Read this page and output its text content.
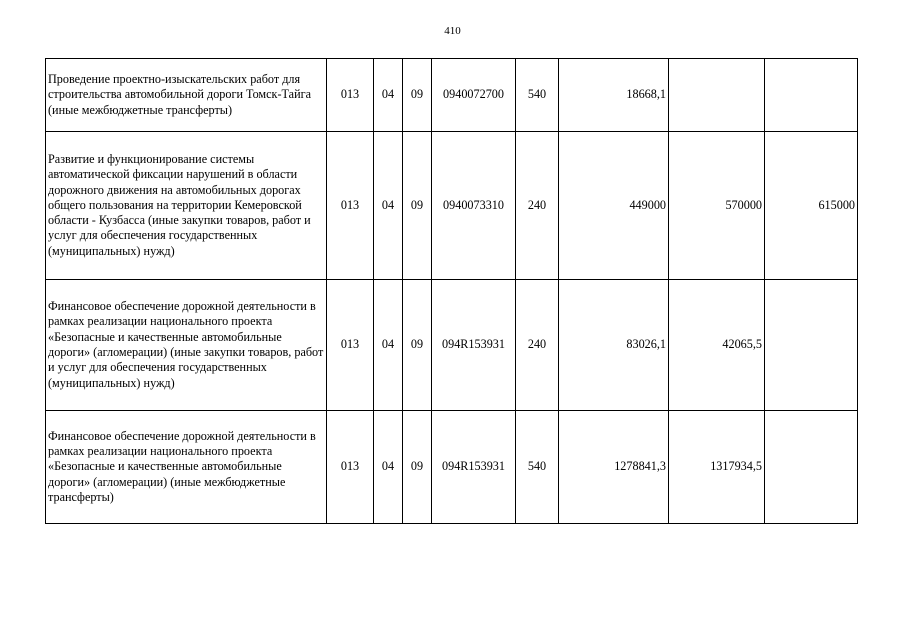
410
Проведение проектно-изыскательских работ для строительства автомобильной дороги Томск-Тайга (иные межбюджетные трансферты)	013	04	09	0940072700	540	18668,1		
Развитие и функционирование системы автоматической фиксации нарушений в области дорожного движения на автомобильных дорогах общего пользования на территории Кемеровской области - Кузбасса (иные закупки товаров, работ и услуг для обеспечения государственных (муниципальных) нужд)	013	04	09	0940073310	240	449000	570000	615000
Финансовое обеспечение дорожной деятельности в рамках реализации национального проекта «Безопасные и качественные автомобильные дороги» (агломерации) (иные закупки товаров, работ и услуг для обеспечения государственных (муниципальных) нужд)	013	04	09	094R153931	240	83026,1	42065,5	
Финансовое обеспечение дорожной деятельности в рамках реализации национального проекта «Безопасные и качественные автомобильные дороги» (агломерации) (иные межбюджетные трансферты)	013	04	09	094R153931	540	1278841,3	1317934,5	
